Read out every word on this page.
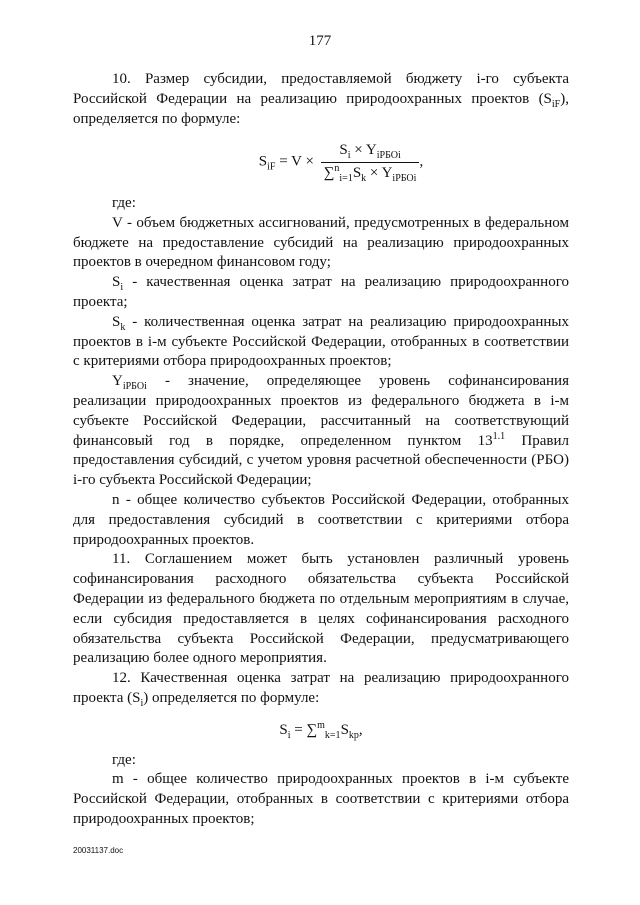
177

10. Размер субсидии, предоставляемой бюджету i-го субъекта Российской Федерации на реализацию природоохранных проектов $(S_{iF})$, определяется по формуле:

$S_{iF} = V \times \frac{S_i \times Y_{iРБОi}}{\sum^n_{i=1}S_k \times Y_{iРБОi}}$ ,

где:

V - объем бюджетных ассигнований, предусмотренных в федеральном бюджете на предоставление субсидий на реализацию природоохранных проектов в очередном финансовом году;

$S_i$ - качественная оценка затрат на реализацию природоохранного проекта;

$S_k$ - количественная оценка затрат на реализацию природоохранных проектов в i-м субъекте Российской Федерации, отобранных в соответствии с критериями отбора природоохранных проектов;

$Y_{iРБОi}$ - значение, определяющее уровень софинансирования реализации природоохранных проектов из федерального бюджета в i-м субъекте Российской Федерации, рассчитанный на соответствующий финансовый год в порядке, определенном пунктом $13^{1.1}$ Правил предоставления субсидий, с учетом уровня расчетной обеспеченности (РБО) i-го субъекта Российской Федерации;

n - общее количество субъектов Российской Федерации, отобранных для предоставления субсидий в соответствии с критериями отбора природоохранных проектов.

11. Соглашением может быть установлен различный уровень софинансирования расходного обязательства субъекта Российской Федерации из федерального бюджета по отдельным мероприятиям в случае, если субсидия предоставляется в целях софинансирования расходного обязательства субъекта Российской Федерации, предусматривающего реализацию более одного мероприятия.

12. Качественная оценка затрат на реализацию природоохранного проекта $(S_i)$ определяется по формуле:

$S_i = \sum^m_{k=1}S_{kp}$,

где:

m - общее количество природоохранных проектов в i-м субъекте Российской Федерации, отобранных в соответствии с критериями отбора природоохранных проектов;

20031137.doc
